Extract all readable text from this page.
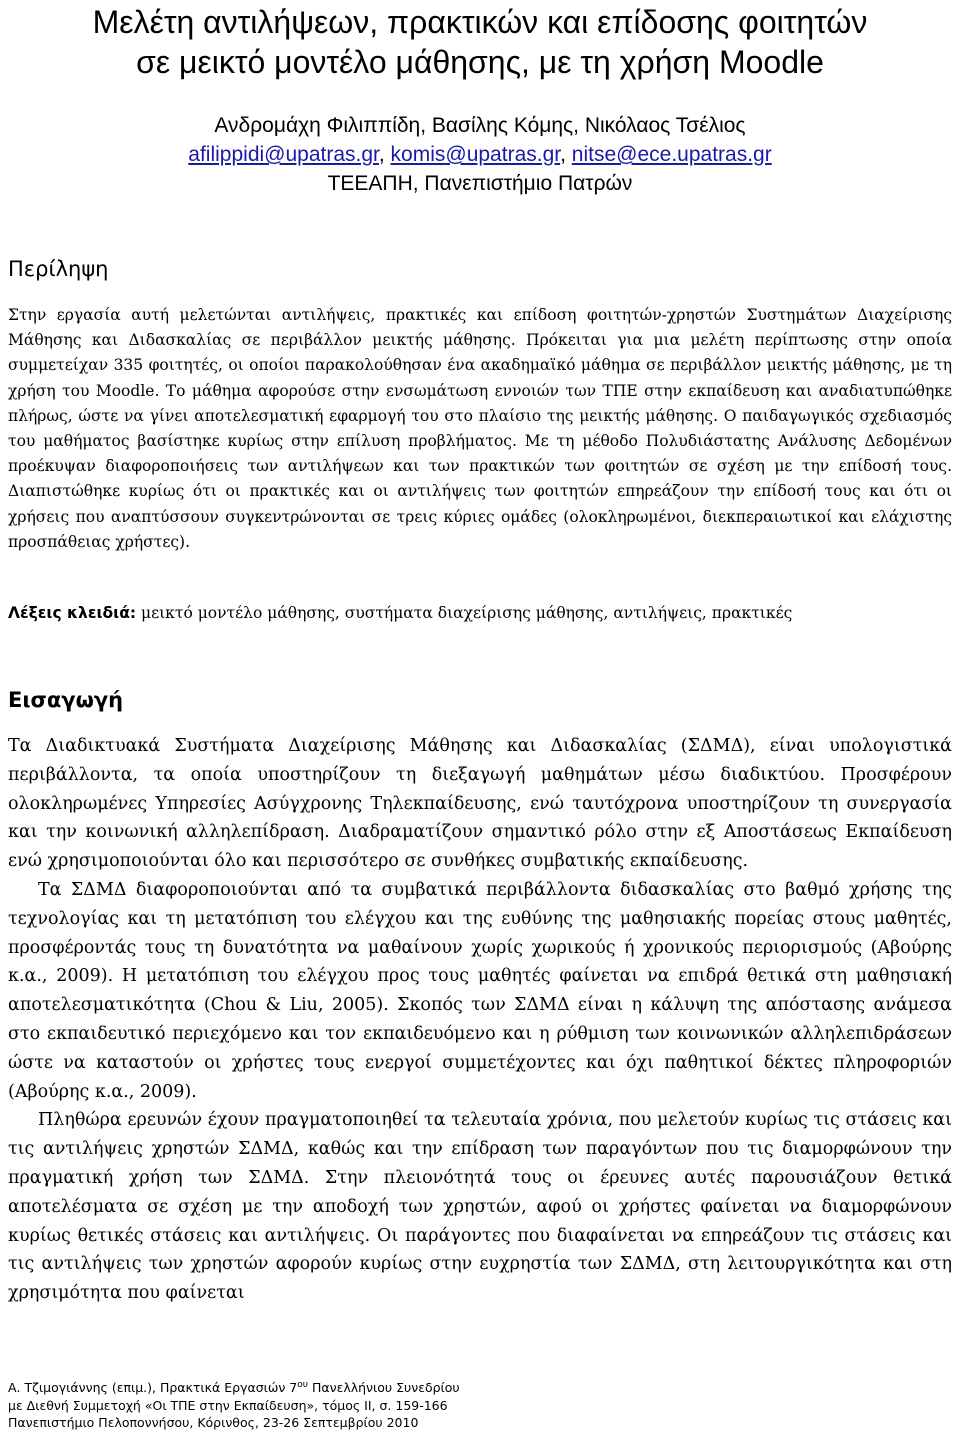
Μελέτη αντιλήψεων, πρακτικών και επίδοσης φοιτητών
σε μεικτό μοντέλο μάθησης, με τη χρήση Moodle
Ανδρομάχη Φιλιππίδη, Βασίλης Κόμης, Νικόλαος Τσέλιος
afilippidi@upatras.gr, komis@upatras.gr, nitse@ece.upatras.gr
ΤΕΕΑΠΗ, Πανεπιστήμιο Πατρών
Περίληψη

Στην εργασία αυτή μελετώνται αντιλήψεις, πρακτικές και επίδοση φοιτητών-χρηστών Συστημάτων Διαχείρισης Μάθησης και Διδασκαλίας σε περιβάλλον μεικτής μάθησης. Πρόκειται για μια μελέτη περίπτωσης στην οποία συμμετείχαν 335 φοιτητές, οι οποίοι παρακολούθησαν ένα ακαδημαϊκό μάθημα σε περιβάλλον μεικτής μάθησης, με τη χρήση του Moodle. Το μάθημα αφορούσε στην ενσωμάτωση εννοιών των ΤΠΕ στην εκπαίδευση και αναδιατυπώθηκε πλήρως, ώστε να γίνει αποτελεσματική εφαρμογή του στο πλαίσιο της μεικτής μάθησης. Ο παιδαγωγικός σχεδιασμός του μαθήματος βασίστηκε κυρίως στην επίλυση προβλήματος. Με τη μέθοδο Πολυδιάστατης Ανάλυσης Δεδομένων προέκυψαν διαφοροποιήσεις των αντιλήψεων και των πρακτικών των φοιτητών σε σχέση με την επίδοσή τους. Διαπιστώθηκε κυρίως ότι οι πρακτικές και οι αντιλήψεις των φοιτητών επηρεάζουν την επίδοσή τους και ότι οι χρήσεις που αναπτύσσουν συγκεντρώνονται σε τρεις κύριες ομάδες (ολοκληρωμένοι, διεκπεραιωτικοί και ελάχιστης προσπάθειας χρήστες).

Λέξεις κλειδιά: μεικτό μοντέλο μάθησης, συστήματα διαχείρισης μάθησης, αντιλήψεις, πρακτικές
Εισαγωγή

Τα Διαδικτυακά Συστήματα Διαχείρισης Μάθησης και Διδασκαλίας (ΣΔΜΔ), είναι υπολογιστικά περιβάλλοντα, τα οποία υποστηρίζουν τη διεξαγωγή μαθημάτων μέσω διαδικτύου. Προσφέρουν ολοκληρωμένες Υπηρεσίες Ασύγχρονης Τηλεκπαίδευσης, ενώ ταυτόχρονα υποστηρίζουν τη συνεργασία και την κοινωνική αλληλεπίδραση. Διαδραματίζουν σημαντικό ρόλο στην εξ Αποστάσεως Εκπαίδευση ενώ χρησιμοποιούνται όλο και περισσότερο σε συνθήκες συμβατικής εκπαίδευσης.

Τα ΣΔΜΔ διαφοροποιούνται από τα συμβατικά περιβάλλοντα διδασκαλίας στο βαθμό χρήσης της τεχνολογίας και τη μετατόπιση του ελέγχου και της ευθύνης της μαθησιακής πορείας στους μαθητές, προσφέροντάς τους τη δυνατότητα να μαθαίνουν χωρίς χωρικούς ή χρονικούς περιορισμούς (Αβούρης κ.α., 2009). Η μετατόπιση του ελέγχου προς τους μαθητές φαίνεται να επιδρά θετικά στη μαθησιακή αποτελεσματικότητα (Chou & Liu, 2005). Σκοπός των ΣΔΜΔ είναι η κάλυψη της απόστασης ανάμεσα στο εκπαιδευτικό περιεχόμενο και τον εκπαιδευόμενο και η ρύθμιση των κοινωνικών αλληλεπιδράσεων ώστε να καταστούν οι χρήστες τους ενεργοί συμμετέχοντες και όχι παθητικοί δέκτες πληροφοριών (Αβούρης κ.α., 2009).

Πληθώρα ερευνών έχουν πραγματοποιηθεί τα τελευταία χρόνια, που μελετούν κυρίως τις στάσεις και τις αντιλήψεις χρηστών ΣΔΜΔ, καθώς και την επίδραση των παραγόντων που τις διαμορφώνουν την πραγματική χρήση των ΣΔΜΔ. Στην πλειονότητά τους οι έρευνες αυτές παρουσιάζουν θετικά αποτελέσματα σε σχέση με την αποδοχή των χρηστών, αφού οι χρήστες φαίνεται να διαμορφώνουν κυρίως θετικές στάσεις και αντιλήψεις. Οι παράγοντες που διαφαίνεται να επηρεάζουν τις στάσεις και τις αντιλήψεις των χρηστών αφορούν κυρίως στην ευχρηστία των ΣΔΜΔ, στη λειτουργικότητα και στη χρησιμότητα που φαίνεται

Α. Τζιμογιάννης (επιμ.), Πρακτικά Εργασιών $7^{o\upsilon}$ Πανελλήνιου Συνεδρίου
με Διεθνή Συμμετοχή «Οι ΤΠΕ στην Εκπαίδευση», τόμος ΙΙ, σ. 159-166
Πανεπιστήμιο Πελοποννήσου, Κόρινθος, 23-26 Σεπτεμβρίου 2010
